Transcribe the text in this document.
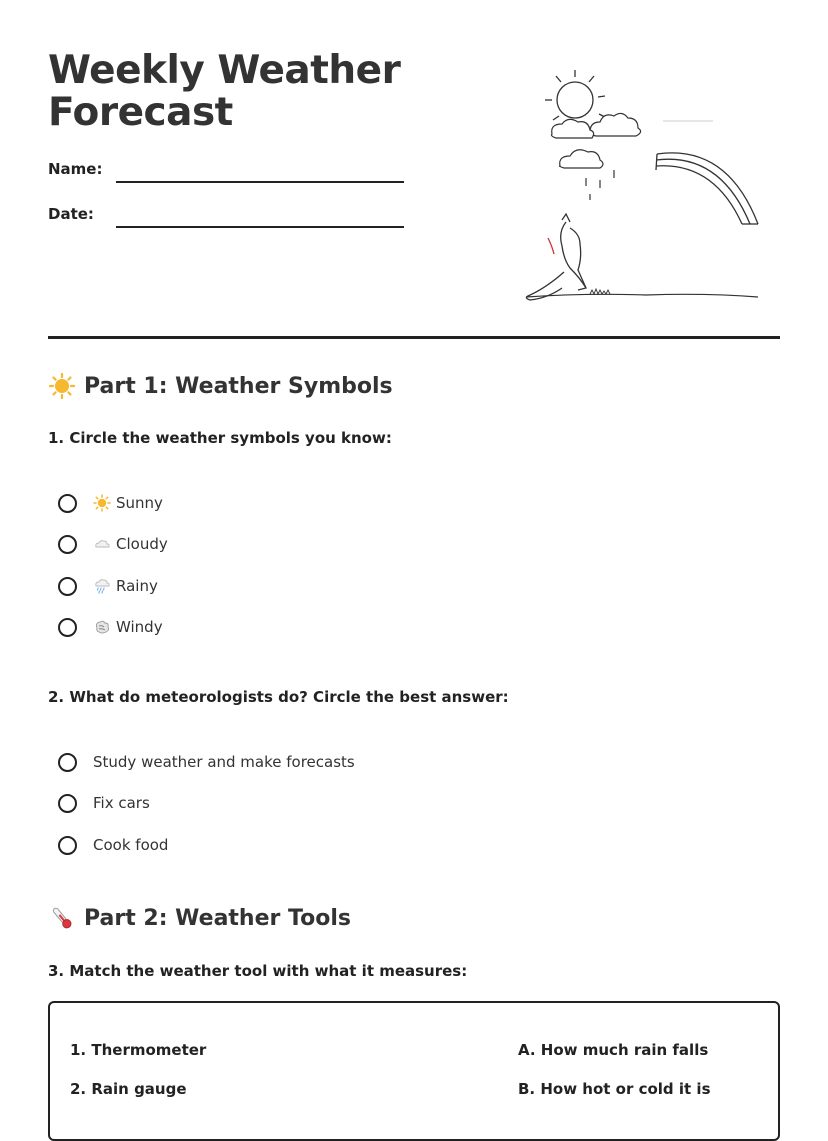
Weekly Weather
Forecast
Name:
Date:
Part 1: Weather Symbols

1. Circle the weather symbols you know:

Sunny
Cloudy
Rainy
Windy

2. What do meteorologists do? Circle the best answer:

Study weather and make forecasts
Fix cars
Cook food
Part 2: Weather Tools

3. Match the weather tool with what it measures:

1. Thermometer
2. Rain gauge
A. How much rain falls
B. How hot or cold it is
